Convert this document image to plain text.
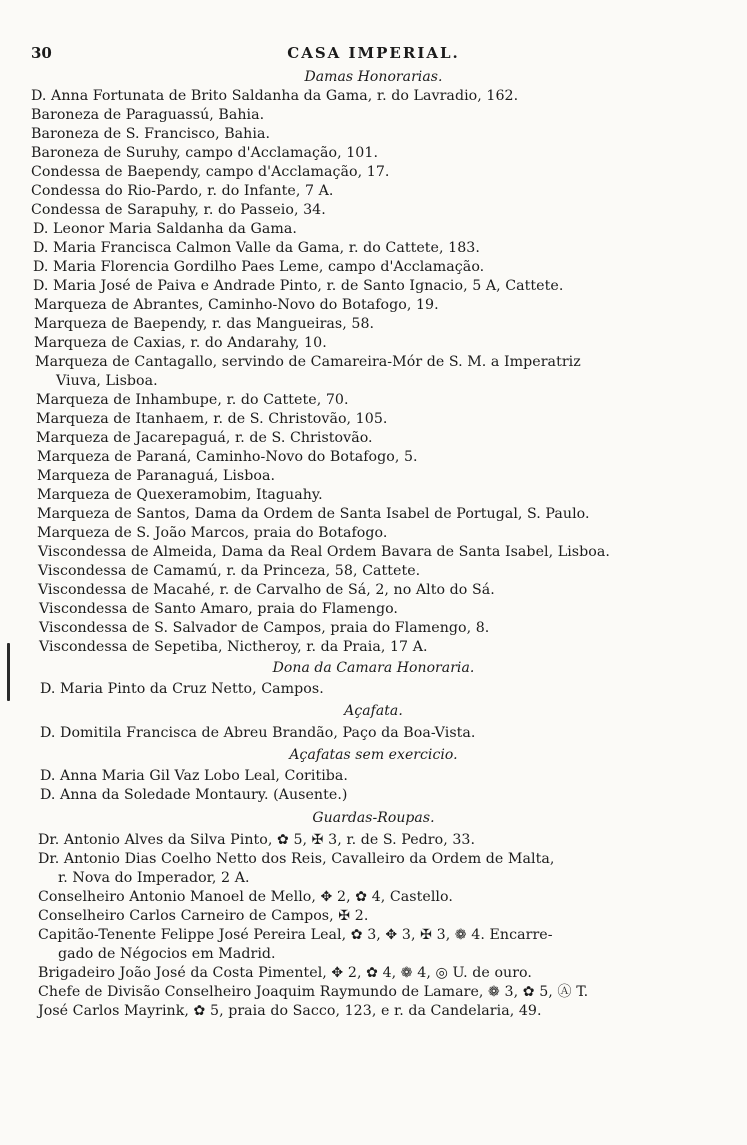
30	CASA IMPERIAL.
Damas Honorarias.
D. Anna Fortunata de Brito Saldanha da Gama, r. do Lavradio, 162.
Baroneza de Paraguassú, Bahia.
Baroneza de S. Francisco, Bahia.
Baroneza de Suruhy, campo d'Acclamação, 101.
Condessa de Baependy, campo d'Acclamação, 17.
Condessa do Rio-Pardo, r. do Infante, 7 A.
Condessa de Sarapuhy, r. do Passeio, 34.
D. Leonor Maria Saldanha da Gama.
D. Maria Francisca Calmon Valle da Gama, r. do Cattete, 183.
D. Maria Florencia Gordilho Paes Leme, campo d'Acclamação.
D. Maria José de Paiva e Andrade Pinto, r. de Santo Ignacio, 5 A, Cattete.
Marqueza de Abrantes, Caminho-Novo do Botafogo, 19.
Marqueza de Baependy, r. das Mangueiras, 58.
Marqueza de Caxias, r. do Andarahy, 10.
Marqueza de Cantagallo, servindo de Camareira-Mór de S. M. a Imperatriz
Viuva, Lisboa.
Marqueza de Inhambupe, r. do Cattete, 70.
Marqueza de Itanhaem, r. de S. Christovão, 105.
Marqueza de Jacarepaguá, r. de S. Christovão.
Marqueza de Paraná, Caminho-Novo do Botafogo, 5.
Marqueza de Paranaguá, Lisboa.
Marqueza de Quexeramobim, Itaguahy.
Marqueza de Santos, Dama da Ordem de Santa Isabel de Portugal, S. Paulo.
Marqueza de S. João Marcos, praia do Botafogo.
Viscondessa de Almeida, Dama da Real Ordem Bavara de Santa Isabel, Lisboa.
Viscondessa de Camamú, r. da Princeza, 58, Cattete.
Viscondessa de Macahé, r. de Carvalho de Sá, 2, no Alto do Sá.
Viscondessa de Santo Amaro, praia do Flamengo.
Viscondessa de S. Salvador de Campos, praia do Flamengo, 8.
Viscondessa de Sepetiba, Nictheroy, r. da Praia, 17 A.
Dona da Camara Honoraria.
D. Maria Pinto da Cruz Netto, Campos.
Açafata.
D. Domitila Francisca de Abreu Brandão, Paço da Boa-Vista.
Açafatas sem exercicio.
D. Anna Maria Gil Vaz Lobo Leal, Coritiba.
D. Anna da Soledade Montaury. (Ausente.)
Guardas-Roupas.
Dr. Antonio Alves da Silva Pinto, ✿ 5, ✠ 3, r. de S. Pedro, 33.
Dr. Antonio Dias Coelho Netto dos Reis, Cavalleiro da Ordem de Malta,
r. Nova do Imperador, 2 A.
Conselheiro Antonio Manoel de Mello, ✥ 2, ✿ 4, Castello.
Conselheiro Carlos Carneiro de Campos, ✠ 2.
Capitão-Tenente Felippe José Pereira Leal, ✿ 3, ✥ 3, ✠ 3, ❁ 4. Encarre-
gado de Négocios em Madrid.
Brigadeiro João José da Costa Pimentel, ✥ 2, ✿ 4, ❁ 4, ◎ U. de ouro.
Chefe de Divisão Conselheiro Joaquim Raymundo de Lamare, ❁ 3, ✿ 5, Ⓐ T.
José Carlos Mayrink, ✿ 5, praia do Sacco, 123, e r. da Candelaria, 49.
